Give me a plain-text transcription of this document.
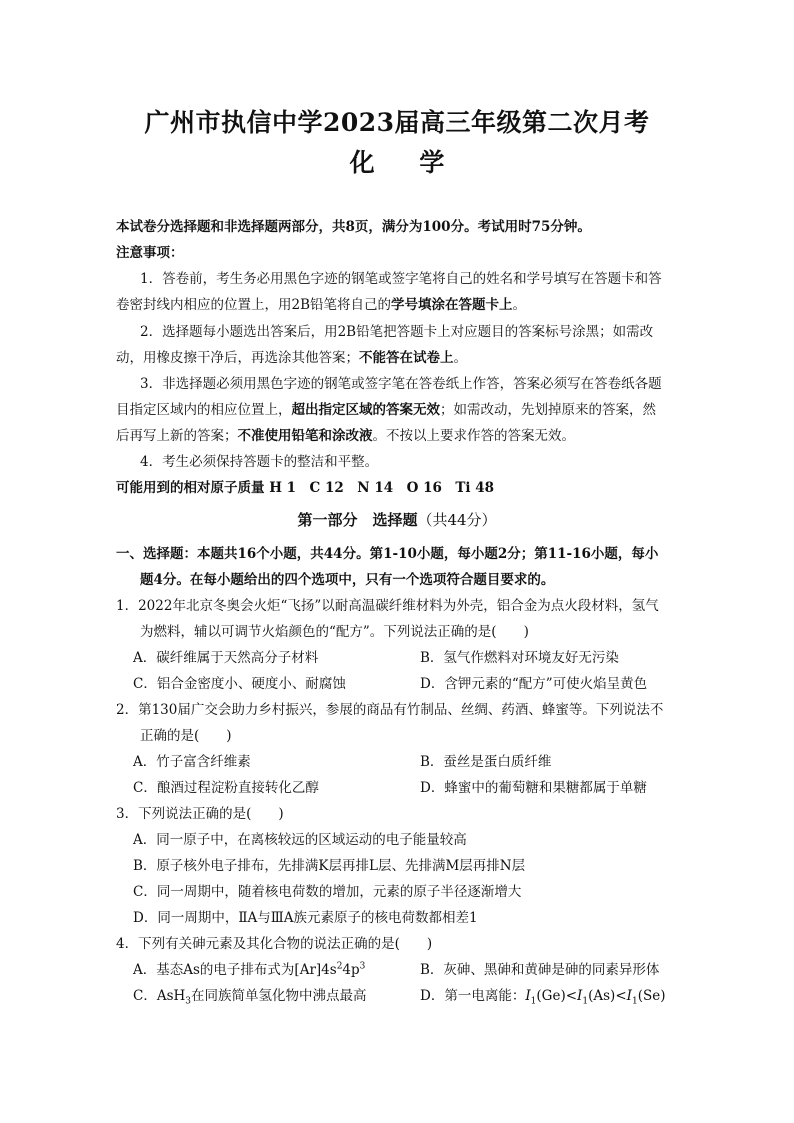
广州市执信中学2023届高三年级第二次月考
化 学
本试卷分选择题和非选择题两部分，共8页，满分为100分。考试用时75分钟。
注意事项：
1．答卷前，考生务必用黑色字迹的钢笔或签字笔将自己的姓名和学号填写在答题卡和答
卷密封线内相应的位置上，用2B铅笔将自己的学号填涂在答题卡上。
2．选择题每小题选出答案后，用2B铅笔把答题卡上对应题目的答案标号涂黑；如需改
动，用橡皮擦干净后，再选涂其他答案；不能答在试卷上。
3．非选择题必须用黑色字迹的钢笔或签字笔在答卷纸上作答，答案必须写在答卷纸各题
目指定区域内的相应位置上，超出指定区域的答案无效；如需改动，先划掉原来的答案，然
后再写上新的答案；不准使用铅笔和涂改液。不按以上要求作答的答案无效。
4．考生必须保持答题卡的整洁和平整。
可能用到的相对原子质量 H 1　C 12　N 14　O 16　Ti 48
第一部分　选择题（共44分）
一、选择题：本题共16个小题，共44分。第1-10小题，每小题2分；第11-16小题，每小
题4分。在每小题给出的四个选项中，只有一个选项符合题目要求的。
1．2022年北京冬奥会火炬“飞扬”以耐高温碳纤维材料为外壳，铝合金为点火段材料，氢气
为燃料，辅以可调节火焰颜色的“配方”。下列说法正确的是(　　)
A．碳纤维属于天然高分子材料	B．氢气作燃料对环境友好无污染
C．铝合金密度小、硬度小、耐腐蚀	D．含钾元素的“配方”可使火焰呈黄色
2．第130届广交会助力乡村振兴，参展的商品有竹制品、丝绸、药酒、蜂蜜等。下列说法不
正确的是(　　)
A．竹子富含纤维素	B．蚕丝是蛋白质纤维
C．酿酒过程淀粉直接转化乙醇	D．蜂蜜中的葡萄糖和果糖都属于单糖
3．下列说法正确的是(　　)
A．同一原子中，在离核较远的区域运动的电子能量较高
B．原子核外电子排布，先排满K层再排L层、先排满M层再排N层
C．同一周期中，随着核电荷数的增加，元素的原子半径逐渐增大
D．同一周期中，ⅡA与ⅢA族元素原子的核电荷数都相差1
4．下列有关砷元素及其化合物的说法正确的是(　　)
A．基态As的电子排布式为$[Ar]4s^24p^3$	B．灰砷、黑砷和黄砷是砷的同素异形体
C．AsH$_3$在同族简单氢化物中沸点最高	D．第一电离能：$I_1(Ge)<I_1(As)<I_1(Se)$
